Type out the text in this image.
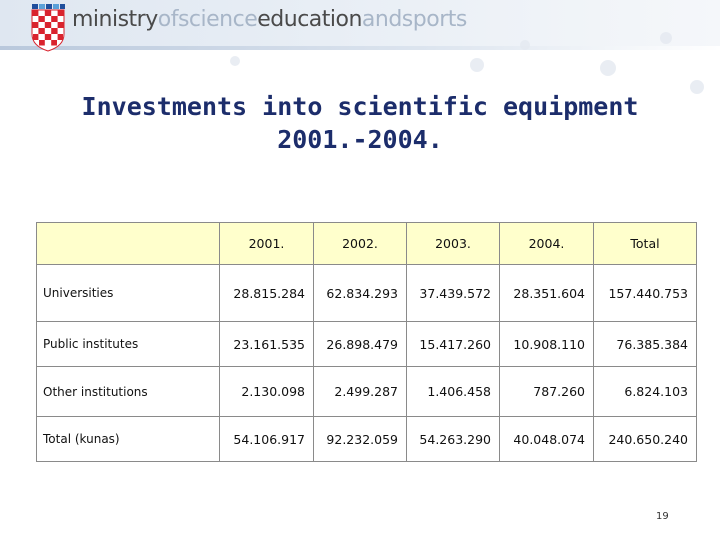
ministryofscienceeducationandsports
Investments into scientific equipment
2001.-2004.
	2001.	2002.	2003.	2004.	Total
Universities	28.815.284	62.834.293	37.439.572	28.351.604	157.440.753
Public institutes	23.161.535	26.898.479	15.417.260	10.908.110	76.385.384
Other institutions	2.130.098	2.499.287	1.406.458	787.260	6.824.103
Total (kunas)	54.106.917	92.232.059	54.263.290	40.048.074	240.650.240
19
